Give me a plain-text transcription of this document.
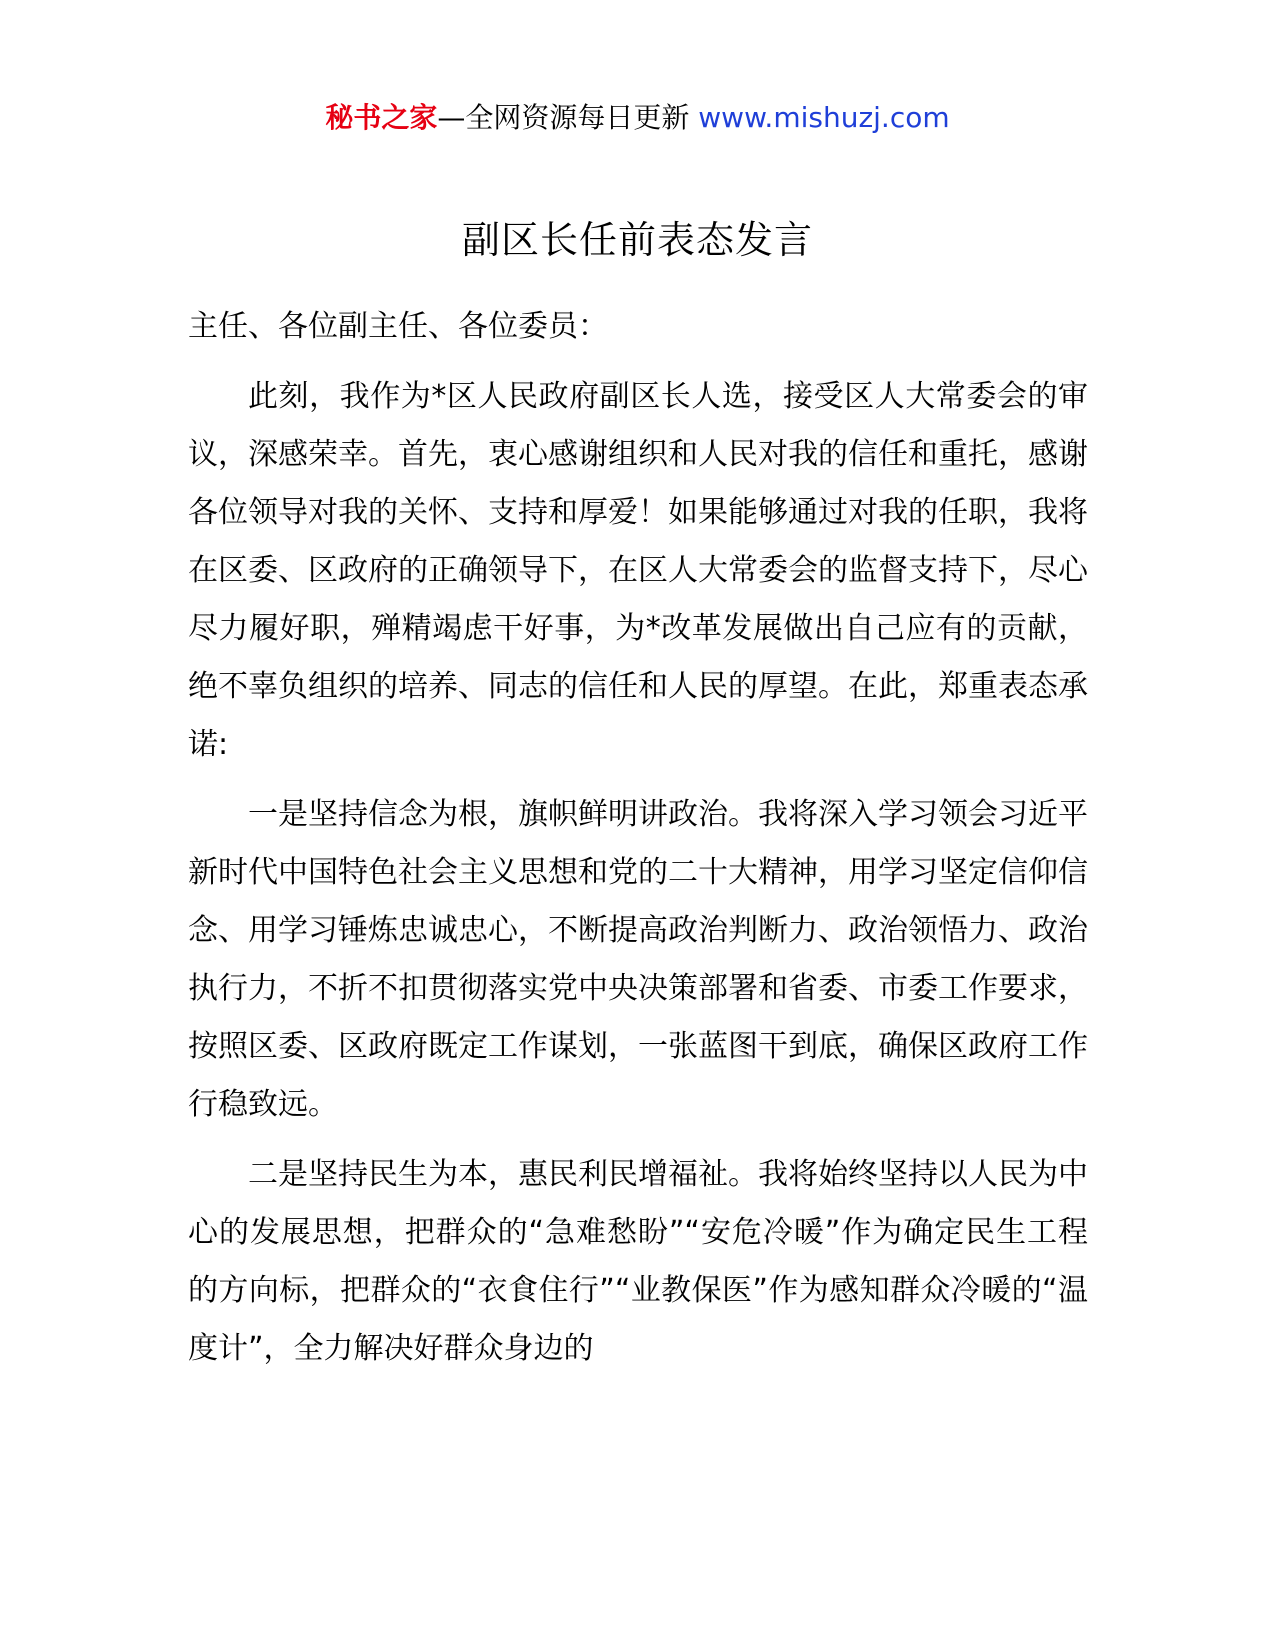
秘书之家—全网资源每日更新 www.mishuzj.com
副区长任前表态发言

主任、各位副主任、各位委员：

此刻，我作为*区人民政府副区长人选，接受区人大常委会的审议，深感荣幸。首先，衷心感谢组织和人民对我的信任和重托，感谢各位领导对我的关怀、支持和厚爱！如果能够通过对我的任职，我将在区委、区政府的正确领导下，在区人大常委会的监督支持下，尽心尽力履好职，殚精竭虑干好事，为*改革发展做出自己应有的贡献，绝不辜负组织的培养、同志的信任和人民的厚望。在此，郑重表态承诺:

一是坚持信念为根，旗帜鲜明讲政治。我将深入学习领会习近平新时代中国特色社会主义思想和党的二十大精神，用学习坚定信仰信念、用学习锤炼忠诚忠心，不断提高政治判断力、政治领悟力、政治执行力，不折不扣贯彻落实党中央决策部署和省委、市委工作要求，按照区委、区政府既定工作谋划，一张蓝图干到底，确保区政府工作行稳致远。

二是坚持民生为本，惠民利民增福祉。我将始终坚持以人民为中心的发展思想，把群众的“急难愁盼”“安危冷暖”作为确定民生工程的方向标，把群众的“衣食住行”“业教保医”作为感知群众冷暖的“温度计”，全力解决好群众身边的
